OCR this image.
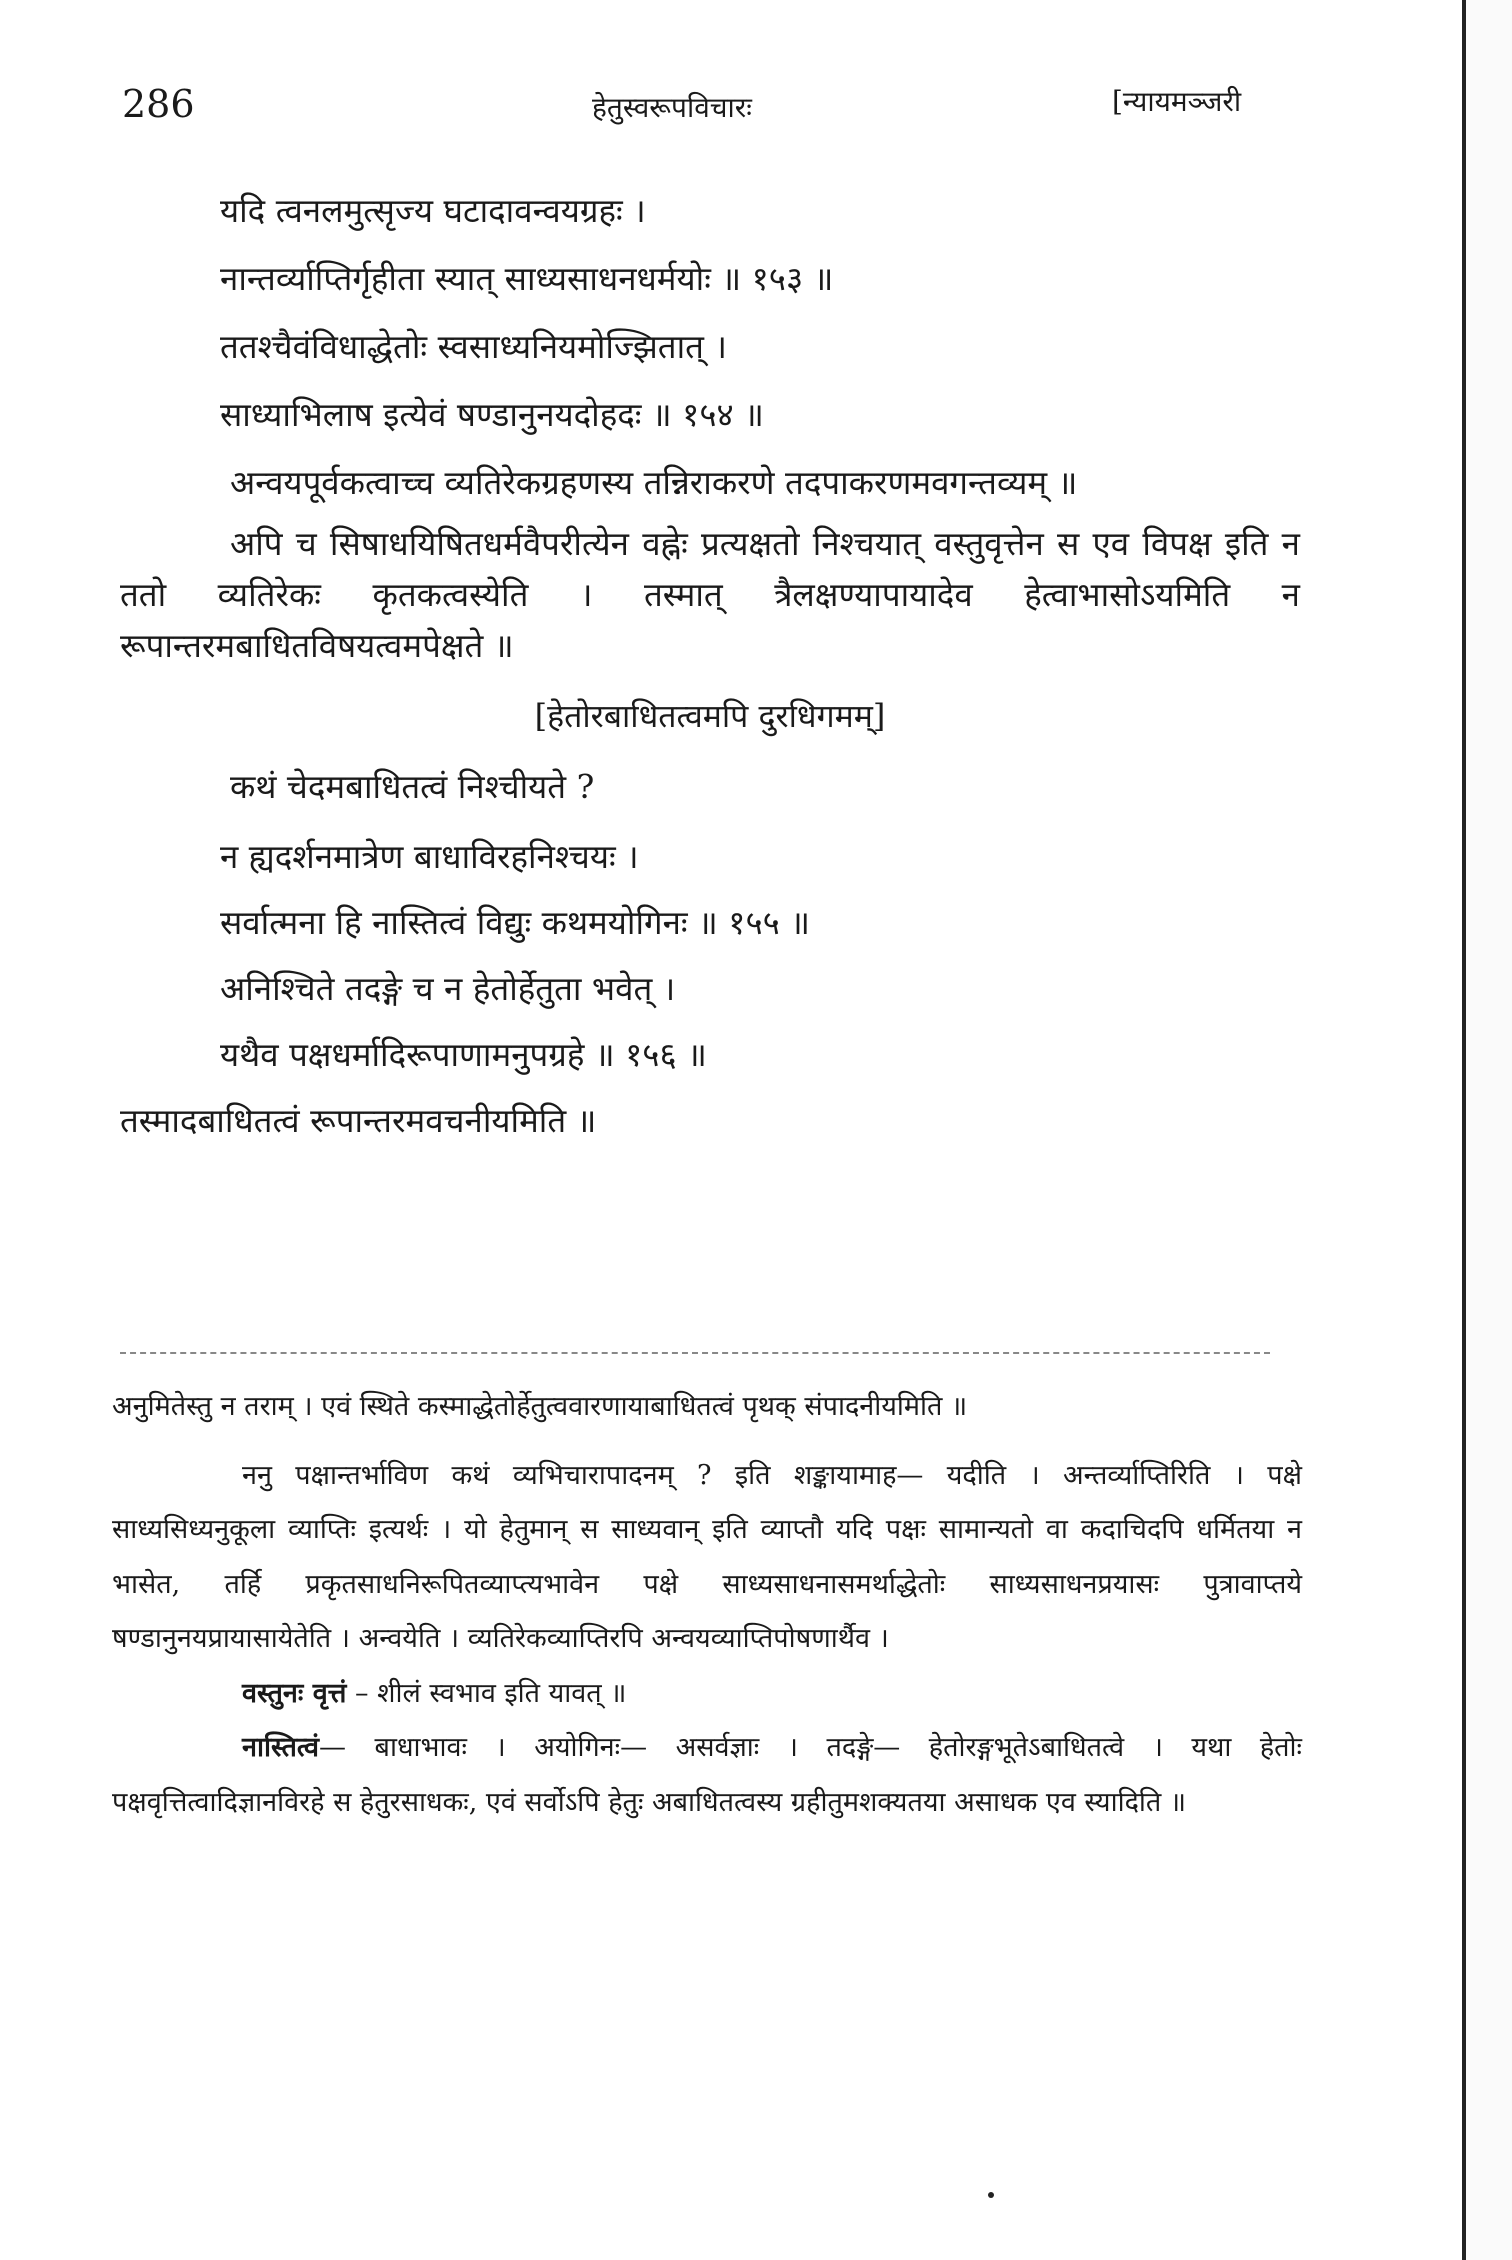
286	हेतुस्वरूपविचारः	[न्यायमञ्जरी

यदि त्वनलमुत्सृज्य घटादावन्वयग्रहः ।

नान्तर्व्याप्तिर्गृहीता स्यात् साध्यसाधनधर्मयोः ॥ १५३ ॥

ततश्चैवंविधाद्धेतोः स्वसाध्यनियमोज्झितात् ।

साध्याभिलाष इत्येवं षण्डानुनयदोहदः ॥ १५४ ॥

अन्वयपूर्वकत्वाच्च व्यतिरेकग्रहणस्य तन्निराकरणे तदपाकरणमवगन्तव्यम् ॥

अपि च सिषाधयिषितधर्मवैपरीत्येन वह्नेः प्रत्यक्षतो निश्चयात् वस्तुवृत्तेन स एव विपक्ष इति न ततो व्यतिरेकः कृतकत्वस्येति । तस्मात् त्रैलक्षण्यापायादेव हेत्वाभासोऽयमिति न रूपान्तरमबाधितविषयत्वमपेक्षते ॥

[हेतोरबाधितत्वमपि दुरधिगमम्]

कथं चेदमबाधितत्वं निश्चीयते ?

न ह्यदर्शनमात्रेण बाधाविरहनिश्चयः ।

सर्वात्मना हि नास्तित्वं विद्युः कथमयोगिनः ॥ १५५ ॥

अनिश्चिते तदङ्गे च न हेतोर्हेतुता भवेत् ।

यथैव पक्षधर्मादिरूपाणामनुपग्रहे ॥ १५६ ॥

तस्मादबाधितत्वं रूपान्तरमवचनीयमिति ॥

अनुमितेस्तु न तराम् । एवं स्थिते कस्माद्धेतोर्हेतुत्ववारणायाबाधितत्वं पृथक् संपादनीयमिति ॥

ननु पक्षान्तर्भाविण कथं व्यभिचारापादनम् ? इति शङ्कायामाह— यदीति । अन्तर्व्याप्तिरिति । पक्षे साध्यसिध्यनुकूला व्याप्तिः इत्यर्थः । यो हेतुमान् स साध्यवान् इति व्याप्तौ यदि पक्षः सामान्यतो वा कदाचिदपि धर्मितया न भासेत, तर्हि प्रकृतसाधनिरूपितव्याप्त्यभावेन पक्षे साध्यसाधनासमर्थाद्धेतोः साध्यसाधनप्रयासः पुत्रावाप्तये षण्डानुनयप्रायासायेतेति । अन्वयेति । व्यतिरेकव्याप्तिरपि अन्वयव्याप्तिपोषणार्थैव ।

वस्तुनः वृत्तं – शीलं स्वभाव इति यावत् ॥

नास्तित्वं— बाधाभावः । अयोगिनः— असर्वज्ञाः । तदङ्गे— हेतोरङ्गभूतेऽबाधितत्वे । यथा हेतोः पक्षवृत्तित्वादिज्ञानविरहे स हेतुरसाधकः, एवं सर्वोऽपि हेतुः अबाधितत्वस्य ग्रहीतुमशक्यतया असाधक एव स्यादिति ॥
